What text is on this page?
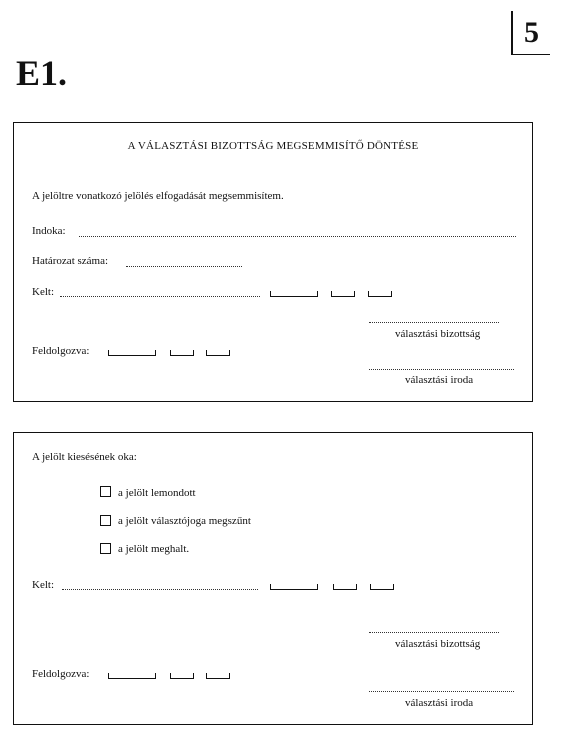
5
E1.
A VÁLASZTÁSI BIZOTTSÁG MEGSEMMISÍTŐ DÖNTÉSE
A jelöltre vonatkozó jelölés elfogadását megsemmisítem.
Indoka:
Határozat száma:
Kelt:
választási bizottság
Feldolgozva:
választási iroda
A jelölt kiesésének oka:
a jelölt lemondott
a jelölt választójoga megszűnt
a jelölt meghalt.
Kelt:
választási bizottság
Feldolgozva:
választási iroda
